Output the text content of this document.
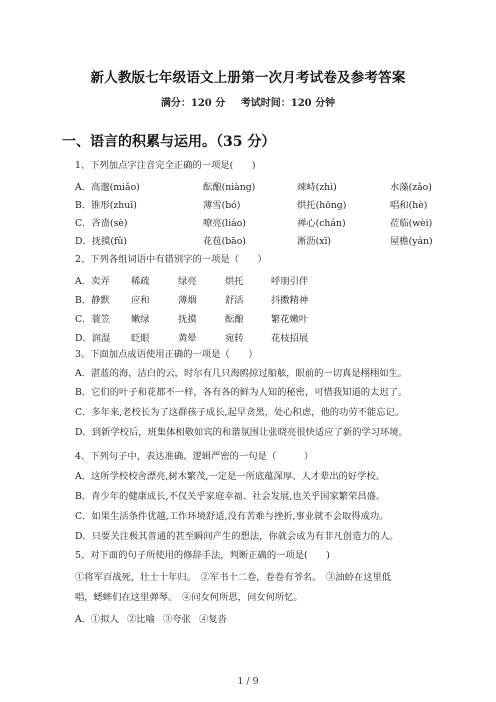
新人教版七年级语文上册第一次月考试卷及参考答案
满分：120 分 考试时间：120 分钟
一、语言的积累与运用。（35 分）
1、下列加点字注音完全正确的一项是(　　)
A．高邈(miǎo)	酝酿(niàng)	竦峙(zhì)	水藻(zǎo)
B．锥形(zhuī)	薄雪(bó)	烘托(hōng)	唱和(hè)
C．吝啬(sè)	嘹亮(liáo)	禅心(chán)	莅临(wèi)
D．抚摸(fǔ)	花苞(bāo)	淅沥(xī)	屋檐(yán)
2、下列各组词语中有错别字的一项是（　　）
A．卖弄 稀疏	绿亮	烘托	呼朋引伴
B．静默 应和	薄烟	舒活	抖擞精神
C．蓑笠 嫩绿	抚摸	酝酿	繁花嫩叶
D．润湿 眨眼	黄晕	宛转	花枝招展
3、下面加点成语使用正确的一项是（　　）
A．湛蓝的海，洁白的云，时尔有几只海鸥掠过船舷，眼前的一切真是栩栩如生。
B．它们的叶子和花都不一样，各有各的鲜为人知的秘密，可惜我知道的太迟了。
C．多年来,老校长为了这群孩子成长,起早贪黑，处心积虑，他的功劳不能忘记。
D．到新学校后，班集体相敬如宾的和谐氛围让张晓亮很快适应了新的学习环境。
4、下列句子中，表达准确、逻辑严密的一句是（　　　）
A．这所学校校舍漂亮,树木繁茂,一定是一所底蕴深厚、人才辈出的好学校。
B．青少年的健康成长,不仅关乎家庭幸福、社会发展,也关乎国家繁荣昌盛。
C．如果生活条件优越,工作环境舒适,没有苦难与挫折,事业就不会取得成功。
D．只要关注极其普通的甚至瞬间产生的想法，你就会成为有非凡创造力的人。
5、对下面的句子所使用的修辞手法，判断正确的一项是(　　)
①将军百战死，壮士十年归。　②军书十二卷，卷卷有爷名。　③油蛉在这里低
唱，蟋蟀们在这里弹琴。　④问女何所思，问女何所忆。
A．①拟人 ②比喻 ③夸张 ④复沓
1 / 9
